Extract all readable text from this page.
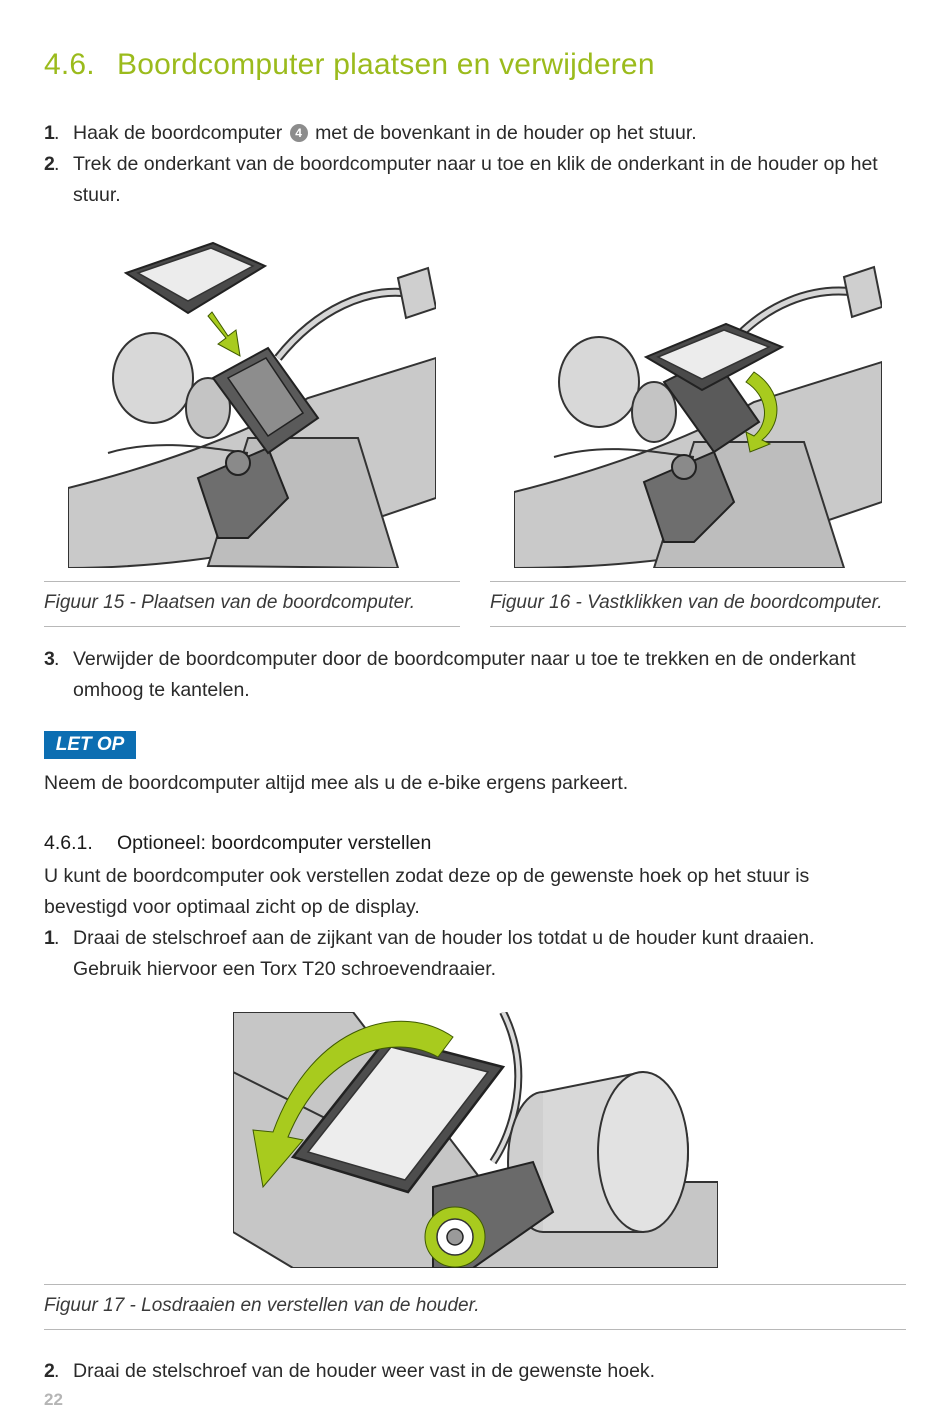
4.6. Boordcomputer plaatsen en verwijderen
1 . Haak de boordcomputer 4 met de bovenkant in de houder op het stuur.
2 . Trek de onderkant van de boordcomputer naar u toe en klik de onderkant in de houder op het stuur.
Figuur 15 - Plaatsen van de boordcomputer.	Figuur 16 - Vastklikken van de boordcomputer.
3 . Verwijder de boordcomputer door de boordcomputer naar u toe te trekken en de onderkant omhoog te kantelen.
LET OP
Neem de boordcomputer altijd mee als u de e-bike ergens parkeert.
4.6.1. Optioneel: boordcomputer verstellen
U kunt de boordcomputer ook verstellen zodat deze op de gewenste hoek op het stuur is bevestigd voor optimaal zicht op de display.
1 . Draai de stelschroef aan de zijkant van de houder los totdat u de houder kunt draaien. Gebruik hiervoor een Torx T20 schroevendraaier.
Figuur 17 - Losdraaien en verstellen van de houder.
2 . Draai de stelschroef van de houder weer vast in de gewenste hoek.
22
